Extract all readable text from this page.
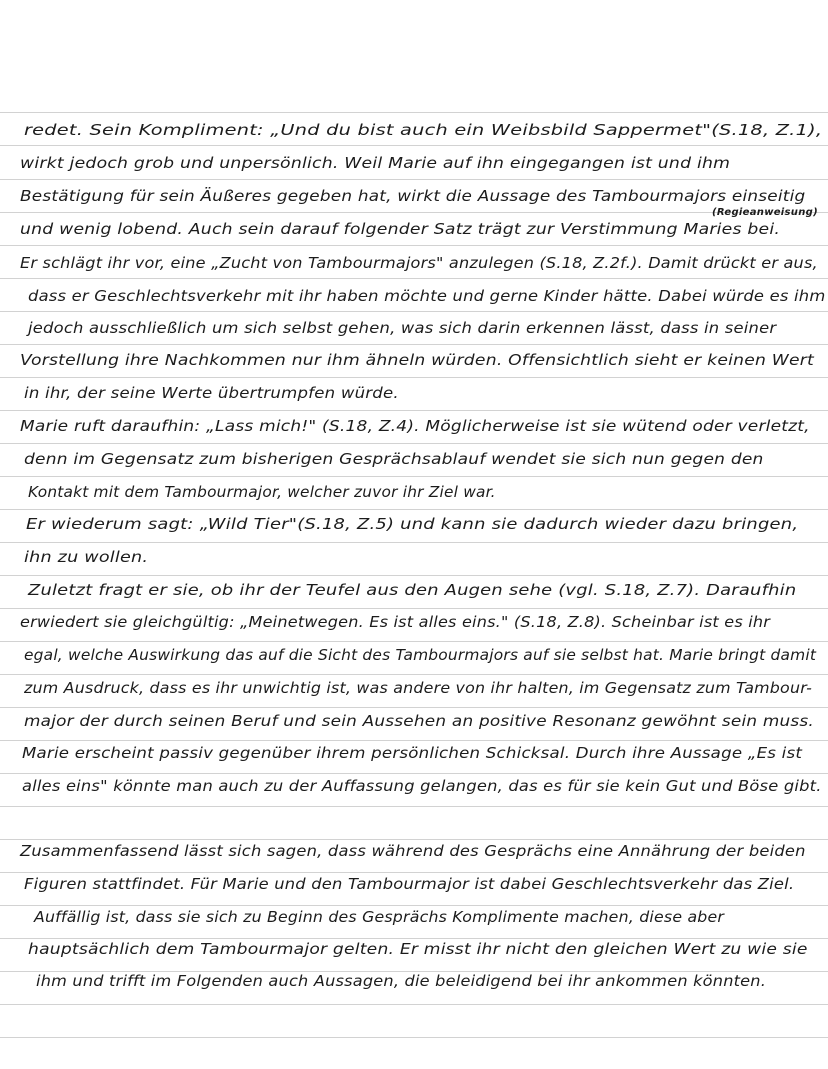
redet. Sein Kompliment: „Und du bist auch ein Weibsbild Sappermet"(S.18, Z.1),
wirkt jedoch grob und unpersönlich. Weil Marie auf ihn eingegangen ist und ihm
Bestätigung für sein Äußeres gegeben hat, wirkt die Aussage des Tambourmajors einseitig
(Regieanweisung)
und wenig lobend. Auch sein darauf folgender Satz trägt zur Verstimmung Maries bei.
Er schlägt ihr vor, eine „Zucht von Tambourmajors" anzulegen (S.18, Z.2f.). Damit drückt er aus,
dass er Geschlechtsverkehr mit ihr haben möchte und gerne Kinder hätte. Dabei würde es ihm
jedoch ausschließlich um sich selbst gehen, was sich darin erkennen lässt, dass in seiner
Vorstellung ihre Nachkommen nur ihm ähneln würden. Offensichtlich sieht er keinen Wert
in ihr, der seine Werte übertrumpfen würde.
Marie ruft daraufhin: „Lass mich!" (S.18, Z.4). Möglicherweise ist sie wütend oder verletzt,
denn im Gegensatz zum bisherigen Gesprächsablauf wendet sie sich nun gegen den
Kontakt mit dem Tambourmajor, welcher zuvor ihr Ziel war.
Er wiederum sagt: „Wild Tier"(S.18, Z.5) und kann sie dadurch wieder dazu bringen,
ihn zu wollen.
Zuletzt fragt er sie, ob ihr der Teufel aus den Augen sehe (vgl. S.18, Z.7). Daraufhin
erwiedert sie gleichgültig: „Meinetwegen. Es ist alles eins." (S.18, Z.8). Scheinbar ist es ihr
egal, welche Auswirkung das auf die Sicht des Tambourmajors auf sie selbst hat. Marie bringt damit
zum Ausdruck, dass es ihr unwichtig ist, was andere von ihr halten, im Gegensatz zum Tambour-
major der durch seinen Beruf und sein Aussehen an positive Resonanz gewöhnt sein muss.
Marie erscheint passiv gegenüber ihrem persönlichen Schicksal. Durch ihre Aussage „Es ist
alles eins" könnte man auch zu der Auffassung gelangen, das es für sie kein Gut und Böse gibt.
Zusammenfassend lässt sich sagen, dass während des Gesprächs eine Annährung der beiden
Figuren stattfindet. Für Marie und den Tambourmajor ist dabei Geschlechtsverkehr das Ziel.
Auffällig ist, dass sie sich zu Beginn des Gesprächs Komplimente machen, diese aber
hauptsächlich dem Tambourmajor gelten. Er misst ihr nicht den gleichen Wert zu wie sie
ihm und trifft im Folgenden auch Aussagen, die beleidigend bei ihr ankommen könnten.
